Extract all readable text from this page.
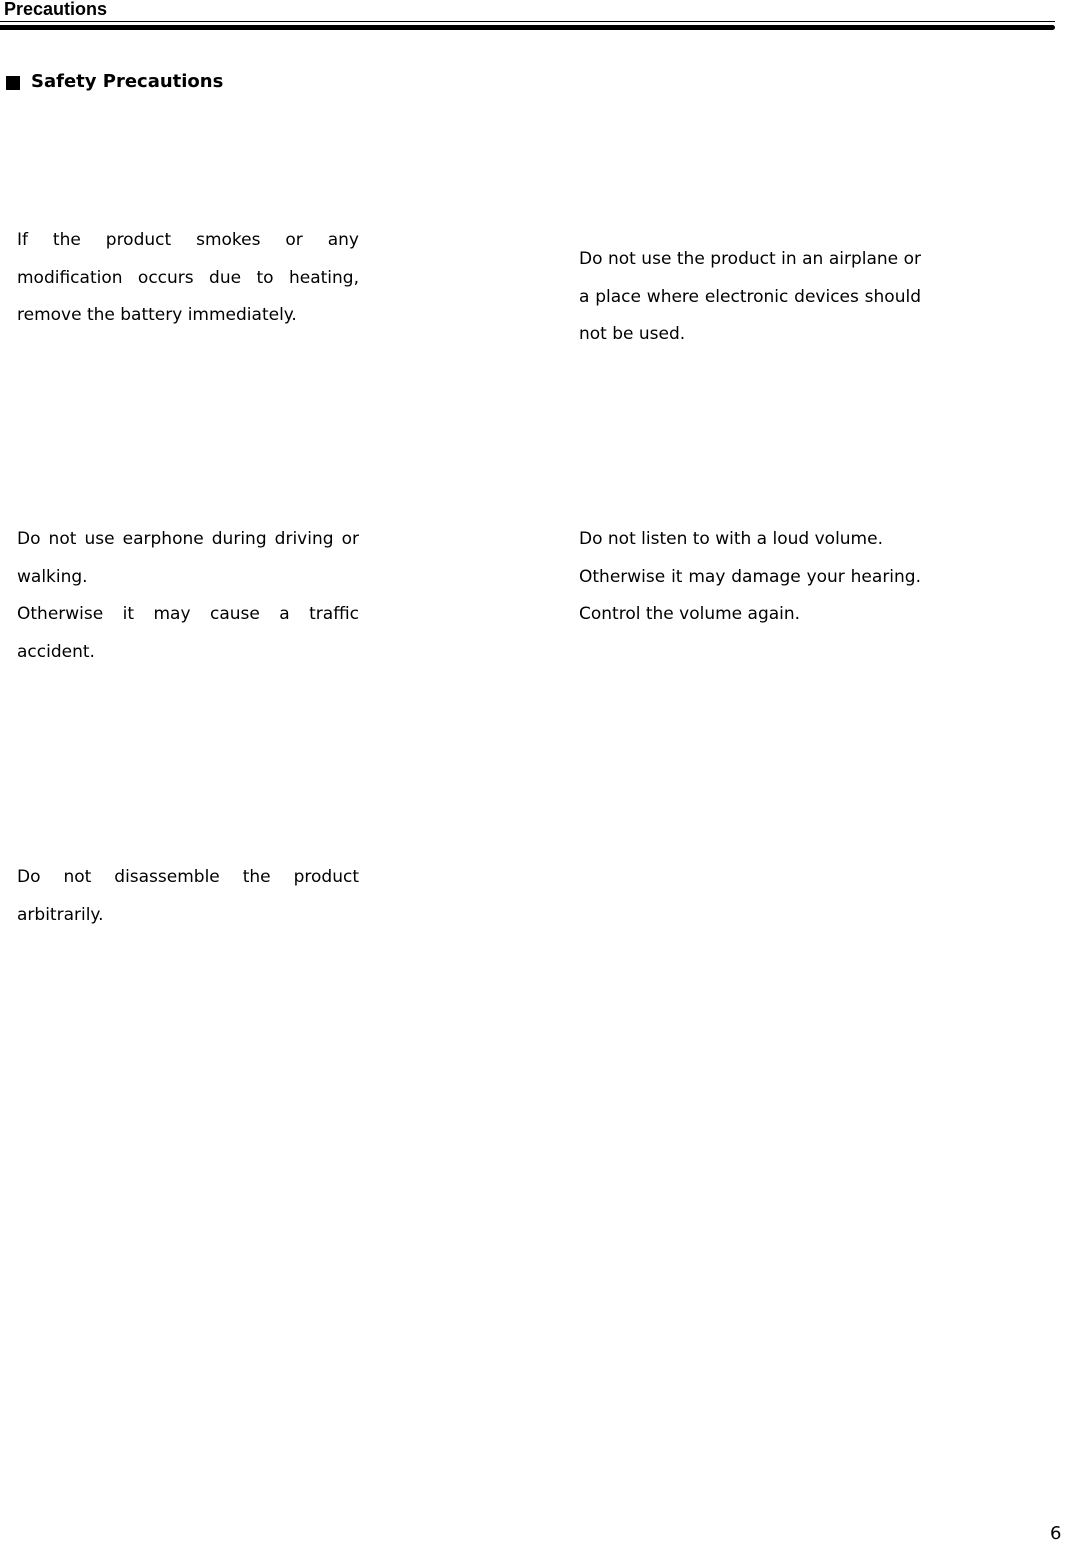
Precautions
Safety Precautions
If the product smokes or any modification occurs due to heating, remove the battery immediately.
Do not use the product in an airplane or a place where electronic devices should not be used.
Do not use earphone during driving or walking.
Otherwise it may cause a traffic accident.
Do not listen to with a loud volume.
Otherwise it may damage your hearing. Control the volume again.
Do not disassemble the product arbitrarily.
6
